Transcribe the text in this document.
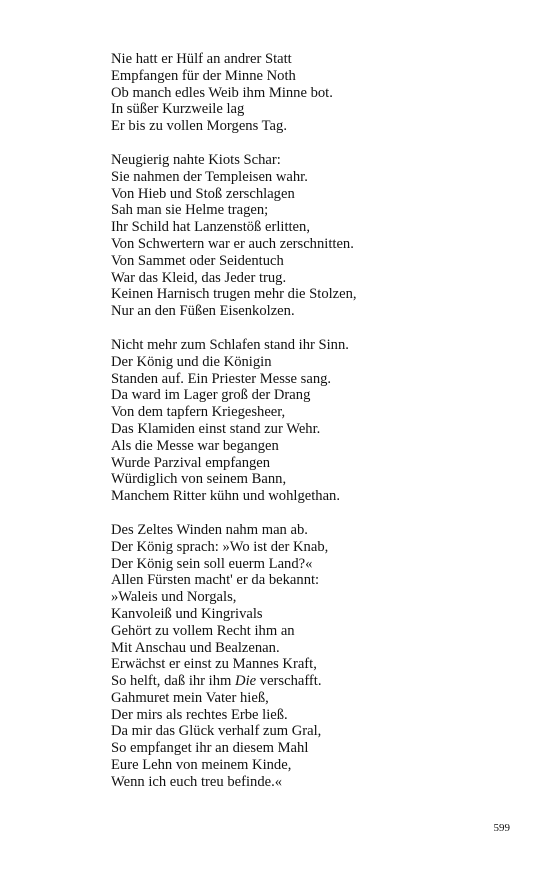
Nie hatt er Hülf an andrer Statt
Empfangen für der Minne Noth
Ob manch edles Weib ihm Minne bot.
In süßer Kurzweile lag
Er bis zu vollen Morgens Tag.
Neugierig nahte Kiots Schar:
Sie nahmen der Templeisen wahr.
Von Hieb und Stoß zerschlagen
Sah man sie Helme tragen;
Ihr Schild hat Lanzenstöß erlitten,
Von Schwertern war er auch zerschnitten.
Von Sammet oder Seidentuch
War das Kleid, das Jeder trug.
Keinen Harnisch trugen mehr die Stolzen,
Nur an den Füßen Eisenkolzen.
Nicht mehr zum Schlafen stand ihr Sinn.
Der König und die Königin
Standen auf. Ein Priester Messe sang.
Da ward im Lager groß der Drang
Von dem tapfern Kriegesheer,
Das Klamiden einst stand zur Wehr.
Als die Messe war begangen
Wurde Parzival empfangen
Würdiglich von seinem Bann,
Manchem Ritter kühn und wohlgethan.
Des Zeltes Winden nahm man ab.
Der König sprach: »Wo ist der Knab,
Der König sein soll euerm Land?«
Allen Fürsten macht' er da bekannt:
»Waleis und Norgals,
Kanvoleiß und Kingrivals
Gehört zu vollem Recht ihm an
Mit Anschau und Bealzenan.
Erwächst er einst zu Mannes Kraft,
So helft, daß ihr ihm Die verschafft.
Gahmuret mein Vater hieß,
Der mirs als rechtes Erbe ließ.
Da mir das Glück verhalf zum Gral,
So empfanget ihr an diesem Mahl
Eure Lehn von meinem Kinde,
Wenn ich euch treu befinde.«
599
